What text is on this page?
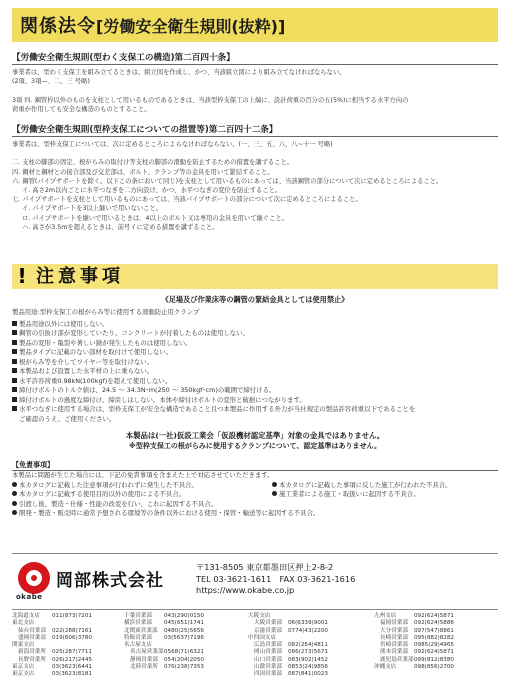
関係法令 [労働安全衛生規則(抜粋)]
【労働安全衛生規則(型わく支保工の構造)第二百四十条】

事業者は、型わく支保工を組み立てるときは、組立図を作成し、かつ、当該組立図により組み立てなければならない。

(2項、3項—、二、三 号略)

3項 四. 鋼管枠以外のものを支柱として用いるものであるときは、当該型枠支保工の上端に、設計荷重の百分の五(5%)に相当する水平方向の

荷重が作用しても安全な構造のものとすること。

【労働安全衛生規則(型枠支保工についての措置等)第二百四十二条】

事業者は、型枠支保工については、次に定めるところによらなければならない。(一、三、五、六、八~十一 号略)

二. 支柱の脚部の固定、根がらみの取付け等支柱の脚部の滑動を防止するための措置を講ずること。

四. 鋼材と鋼材との接合部及び交差部は、ボルト、クランプ等の金具を用いて緊結すること。

六. 鋼管(パイプサポートを除く。以下この条において同じ)を支柱として用いるものにあっては、当該鋼管の部分について次に定めるところによること。

イ. 高さ2m以内ごとに水平つなぎを二方向設け、かつ、水平つなぎの変位を防止すること。

七. パイプサポートを支柱として用いるものにあっては、当該パイプサポートの部分について次に定めるところによること。

イ. パイプサポートを3以上継いで用いないこと。

ロ. パイプサポートを継いで用いるときは、4以上のボルト又は専用の金具を用いて継ぐこと。

ハ. 高さが3.5mを超えるときは、前号イに定める措置を講ずること。

! 注意事項
《足場及び作業床等の鋼管の緊結金具としては使用禁止》
製品用途:型枠支保工の根がらみ等に使用する滑動防止用クランプ
製品用途以外には使用しない。
鋼管の引抜け部が変形していたり、コンクリートが付着したものは使用しない。
製品の変形・亀裂や著しい錆が発生したものは使用しない。
製品タイプに記載のない部材を取付けて使用しない。
根がらみ等を介してワイヤー等を取付けない。
本製品および設置した水平材の上に乗らない。
水平許容荷重0.98kN(100kgf)を超えて使用しない。
締付けボルトのトルク値は、24.5 ～ 34.3N･m(250 ～ 350kgf･cm)の範囲で締付ける。
締付けボルトの過度な締付け、締戻しはしない。本体や締付けボルトの変形と破損につながります。
水平つなぎに使用する場合は、型枠支保工が安全な構造であること且つ本製品に作用する外力が当社規定の製品許容荷重以下であることを
ご確認のうえ、ご使用ください。
本製品は(一社)仮設工業会「仮設機材認定基準」対象の金具ではありません。
※型枠支保工の根がらみに使用するクランプについて、認定基準はありません。
【免責事項】
本製品に問題が生じた場合には、下記の免責事項を含まえた上で対応させていただきます。
本カタログに記載した注意事項が行われずに発生した不具合。
本カタログに記載する使用目的以外の使用による不具合。
引渡し後、製造・仕様・性能の改変を行い、これに起因する不具合。
開発・製造・販売時に通常予想される環境等の条件以外における使用・保管・輸送等に起因する不具合。
本カタログに記載した事項に反した施工が行われた不具合。
施工業者による施工・取扱いに起因する不具合。
okabe
岡部株式会社
〒131-8505 東京都墨田区押上2-8-2
TEL 03-3621-1611　FAX 03-3621-1616
https://www.okabe.co.jp
北海道支店	011(873)7201
東北支店
仙台営業部	022(288)7161
盛岡営業部	019(606)3780
関東支店
新潟営業所	025(287)7711
長野営業所	026(217)2445
東京支店	03(3623)6441
東京支店	03(3623)8181
千葉営業部	043(290)0150
横浜営業部	045(651)1741
北関東営業部	0480(25)5656
特販営業部	03(5637)7196
名古屋支店
名古屋営業部 0568(71)6321
静岡営業部	054(204)2050
北陸営業所	076(238)7353
大阪支店
大阪営業部	06(6339)9001
京滋営業部	0774(43)2200
中四国支店
広島営業部	082(254)4811
岡山営業部	086(273)5671
山口営業部	083(902)1452
山陰営業部	0853(24)9856
四国営業部	087(841)0023
九州支店	092(624)5871
福岡営業部	092(624)5886
大分営業部	097(547)8861
長崎営業部	095(882)8282
宮崎営業部	0985(29)4965
熊本営業部	092(624)5871
鹿児島営業部 099(812)8380
沖縄支店	098(856)2700
